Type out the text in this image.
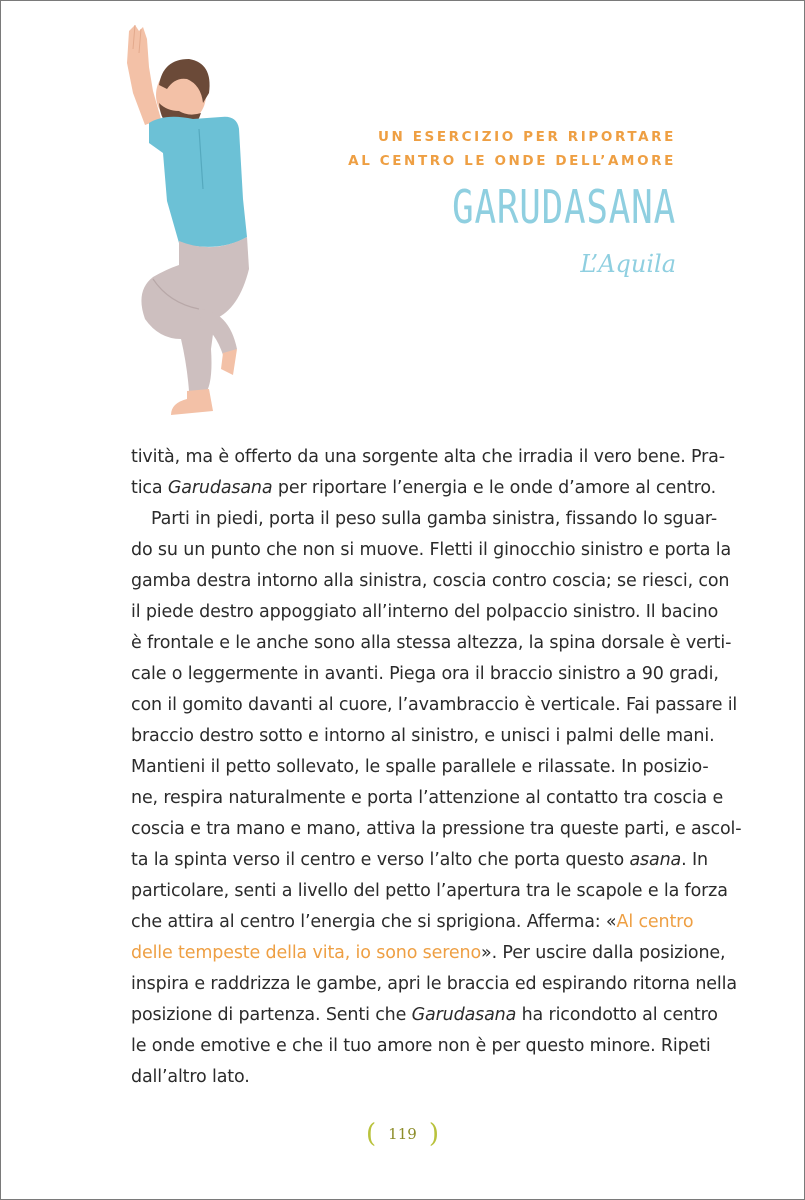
UN ESERCIZIO PER RIPORTARE
AL CENTRO LE ONDE DELL’AMORE
GARUDASANA
L’Aquila
tività, ma è offerto da una sorgente alta che irradia il vero bene. Pra-
tica Garudasana per riportare l’energia e le onde d’amore al centro.
Parti in piedi, porta il peso sulla gamba sinistra, fissando lo sguar-
do su un punto che non si muove. Fletti il ginocchio sinistro e porta la
gamba destra intorno alla sinistra, coscia contro coscia; se riesci, con
il piede destro appoggiato all’interno del polpaccio sinistro. Il bacino
è frontale e le anche sono alla stessa altezza, la spina dorsale è verti-
cale o leggermente in avanti. Piega ora il braccio sinistro a 90 gradi,
con il gomito davanti al cuore, l’avambraccio è verticale. Fai passare il
braccio destro sotto e intorno al sinistro, e unisci i palmi delle mani.
Mantieni il petto sollevato, le spalle parallele e rilassate. In posizio-
ne, respira naturalmente e porta l’attenzione al contatto tra coscia e
coscia e tra mano e mano, attiva la pressione tra queste parti, e ascol-
ta la spinta verso il centro e verso l’alto che porta questo asana. In
particolare, senti a livello del petto l’apertura tra le scapole e la forza
che attira al centro l’energia che si sprigiona. Afferma: «Al centro
delle tempeste della vita, io sono sereno». Per uscire dalla posizione,
inspira e raddrizza le gambe, apri le braccia ed espirando ritorna nella
posizione di partenza. Senti che Garudasana ha ricondotto al centro
le onde emotive e che il tuo amore non è per questo minore. Ripeti
dall’altro lato.
( 119 )
